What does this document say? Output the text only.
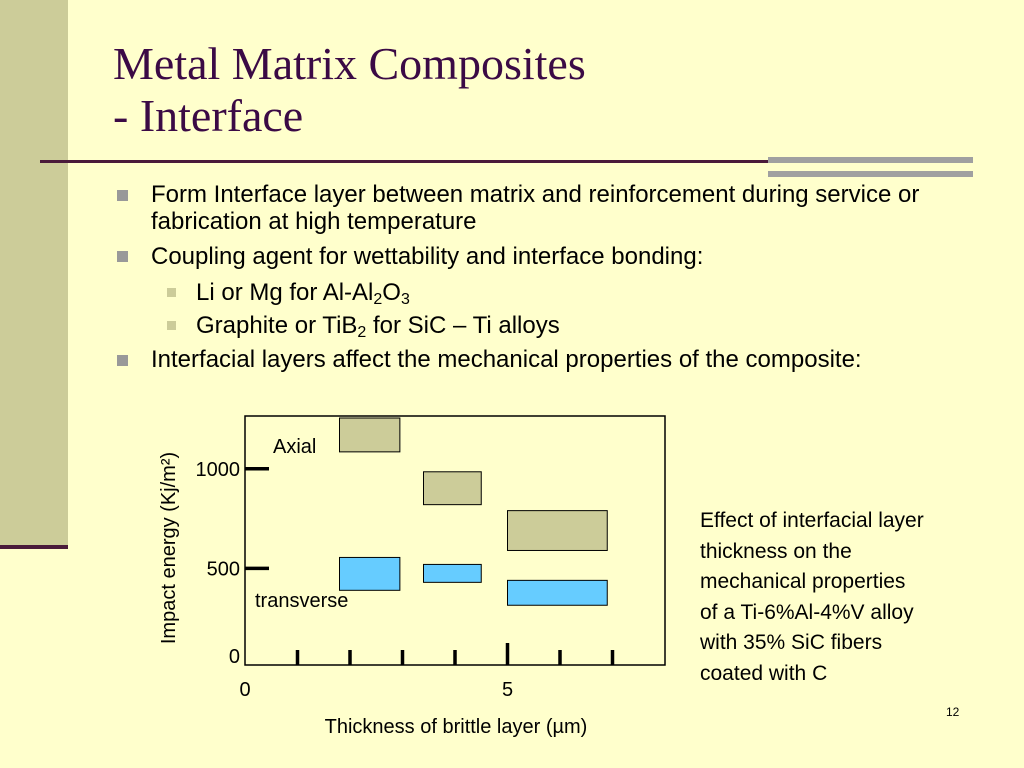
Metal Matrix Composites
- Interface
Form Interface layer between matrix and reinforcement during service or fabrication at high temperature
Coupling agent for wettability and interface bonding:
Li or Mg for $Al-Al_2O_3$
Graphite or TiB$_2$ for SiC – Ti alloys
Interfacial layers affect the mechanical properties of the composite:
0
500
1000
0	5
Axial
transverse
Thickness of brittle layer (µm)
Impact energy (Kj/m²)	Effect of interfacial layer
thickness on the
mechanical properties
of a Ti-6%Al-4%V alloy
with 35% SiC fibers
coated with C
12
